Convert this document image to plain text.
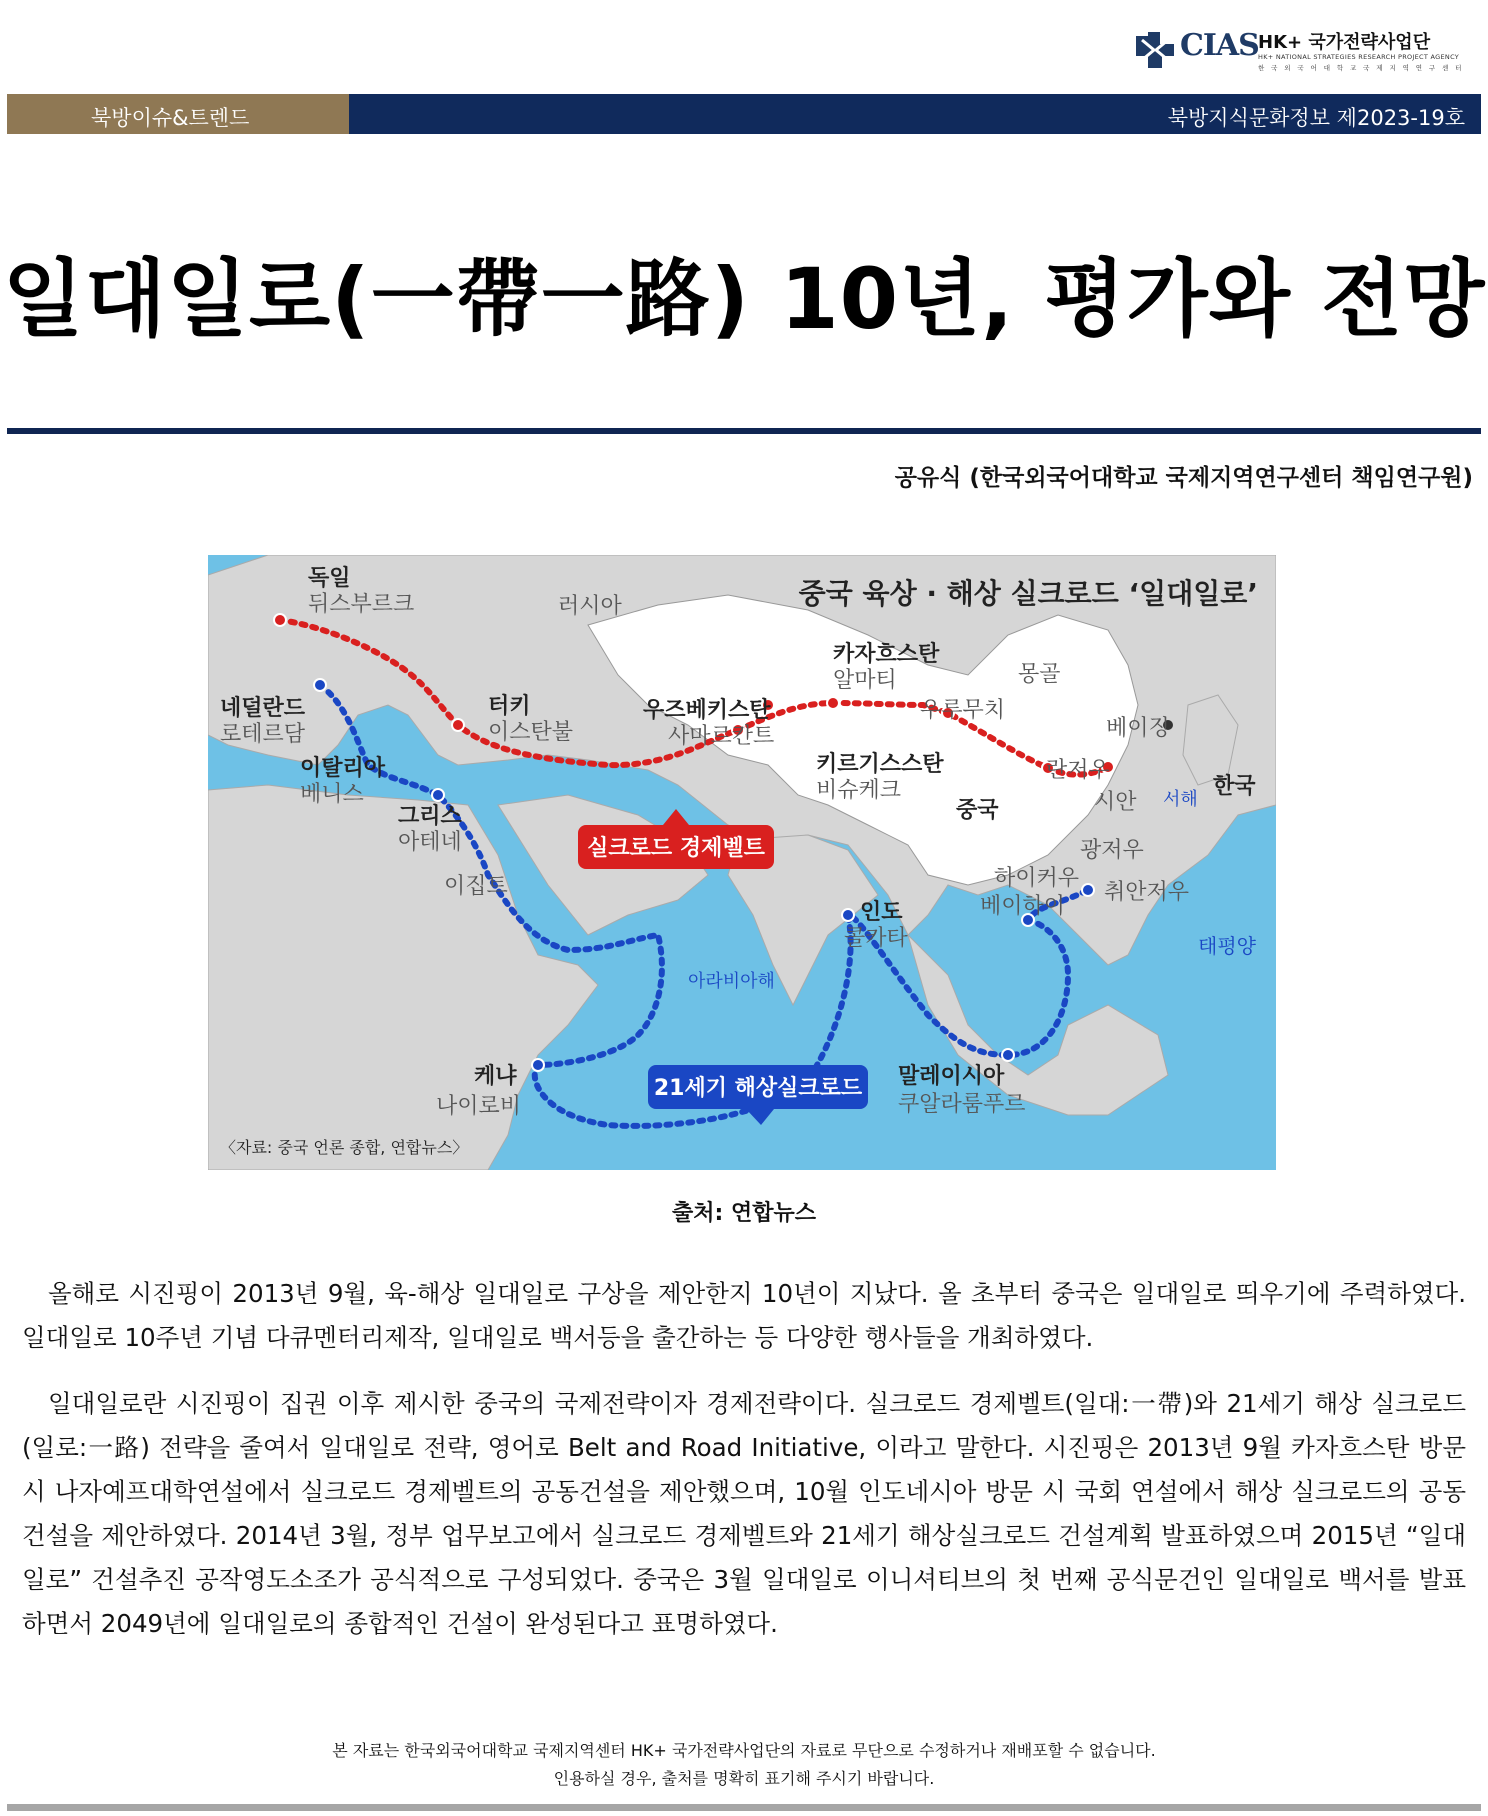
CIAS HK+ 국가전략사업단
HK+ NATIONAL STRATEGIES RESEARCH PROJECT AGENCY
한 국 외 국 어 대 학 교 국 제 지 역 연 구 센 터
북방이슈&트렌드	북방지식문화정보 제2023-19호
일대일로(一帶一路) 10년, 평가와 전망
공유식 (한국외국어대학교 국제지역연구센터 책임연구원)
중국 육상 · 해상 실크로드 ‘일대일로’
독일
뒤스부르크	러시아
네덜란드
로테르담
이탈리아
베니스
터키
이스탄불
그리스
아테네
이집트
우즈베키스탄
사마르칸트
카자흐스탄
알마티
우루무치
몽골
베이징
키르기스스탄
비슈케크
란저우
시안
중국	서해
한국
광저우
하이커우
베이하이
취안저우
태평양
인도
콜카타
아라비아해
케냐
나이로비
말레이시아
쿠알라룸푸르
실크로드 경제벨트
21세기 해상실크로드
〈자료: 중국 언론 종합, 연합뉴스〉
출처: 연합뉴스

올해로 시진핑이 2013년 9월, 육-해상 일대일로 구상을 제안한지 10년이 지났다. 올 초부터 중국은 일대일로 띄우기에 주력하였다. 일대일로 10주년 기념 다큐멘터리제작, 일대일로 백서등을 출간하는 등 다양한 행사들을 개최하였다.

일대일로란 시진핑이 집권 이후 제시한 중국의 국제전략이자 경제전략이다. 실크로드 경제벨트(일대:一帶)와 21세기 해상 실크로드(일로:一路) 전략을 줄여서 일대일로 전략, 영어로 Belt and Road Initiative, 이라고 말한다. 시진핑은 2013년 9월 카자흐스탄 방문 시 나자예프대학연설에서 실크로드 경제벨트의 공동건설을 제안했으며, 10월 인도네시아 방문 시 국회 연설에서 해상 실크로드의 공동건설을 제안하였다. 2014년 3월, 정부 업무보고에서 실크로드 경제벨트와 21세기 해상실크로드 건설계획 발표하였으며 2015년 “일대일로” 건설추진 공작영도소조가 공식적으로 구성되었다. 중국은 3월 일대일로 이니셔티브의 첫 번째 공식문건인 일대일로 백서를 발표하면서 2049년에 일대일로의 종합적인 건설이 완성된다고 표명하였다.

본 자료는 한국외국어대학교 국제지역센터 HK+ 국가전략사업단의 자료로 무단으로 수정하거나 재배포할 수 없습니다.
인용하실 경우, 출처를 명확히 표기해 주시기 바랍니다.
